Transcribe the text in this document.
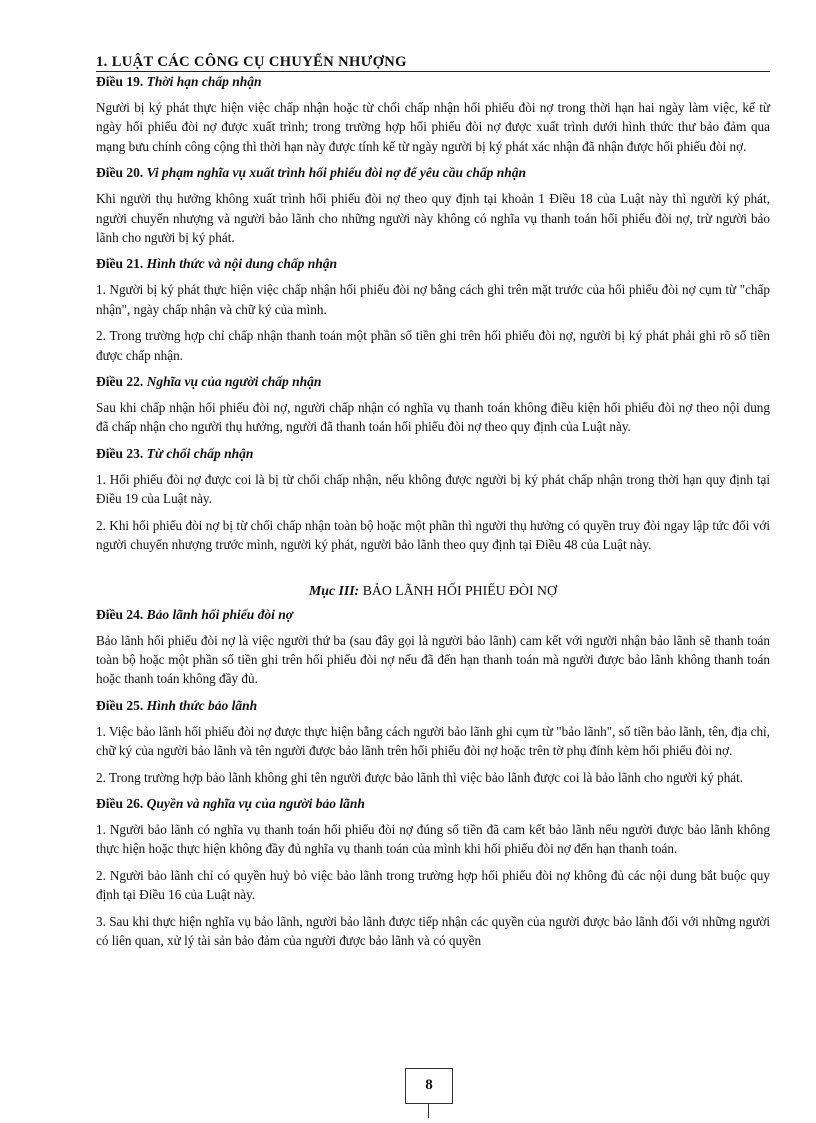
1. LUẬT CÁC CÔNG CỤ CHUYỂN NHƯỢNG
Điều 19. Thời hạn chấp nhận

Người bị ký phát thực hiện việc chấp nhận hoặc từ chối chấp nhận hối phiếu đòi nợ trong thời hạn hai ngày làm việc, kể từ ngày hối phiếu đòi nợ được xuất trình; trong trường hợp hối phiếu đòi nợ được xuất trình dưới hình thức thư bảo đảm qua mạng bưu chính công cộng thì thời hạn này được tính kể từ ngày người bị ký phát xác nhận đã nhận được hối phiếu đòi nợ.

Điều 20. Vi phạm nghĩa vụ xuất trình hối phiếu đòi nợ để yêu cầu chấp nhận

Khi người thụ hưởng không xuất trình hối phiếu đòi nợ theo quy định tại khoản 1 Điều 18 của Luật này thì người ký phát, người chuyển nhượng và người bảo lãnh cho những người này không có nghĩa vụ thanh toán hối phiếu đòi nợ, trừ người bảo lãnh cho người bị ký phát.

Điều 21. Hình thức và nội dung chấp nhận

1. Người bị ký phát thực hiện việc chấp nhận hối phiếu đòi nợ bằng cách ghi trên mặt trước của hối phiếu đòi nợ cụm từ "chấp nhận", ngày chấp nhận và chữ ký của mình.

2. Trong trường hợp chỉ chấp nhận thanh toán một phần số tiền ghi trên hối phiếu đòi nợ, người bị ký phát phải ghi rõ số tiền được chấp nhận.

Điều 22. Nghĩa vụ của người chấp nhận

Sau khi chấp nhận hối phiếu đòi nợ, người chấp nhận có nghĩa vụ thanh toán không điều kiện hối phiếu đòi nợ theo nội dung đã chấp nhận cho người thụ hưởng, người đã thanh toán hối phiếu đòi nợ theo quy định của Luật này.

Điều 23. Từ chối chấp nhận

1. Hối phiếu đòi nợ được coi là bị từ chối chấp nhận, nếu không được người bị ký phát chấp nhận trong thời hạn quy định tại Điều 19 của Luật này.

2. Khi hối phiếu đòi nợ bị từ chối chấp nhận toàn bộ hoặc một phần thì người thụ hưởng có quyền truy đòi ngay lập tức đối với người chuyển nhượng trước mình, người ký phát, người bảo lãnh theo quy định tại Điều 48 của Luật này.

Mục III: BẢO LÃNH HỐI PHIẾU ĐÒI NỢ
Điều 24. Bảo lãnh hối phiếu đòi nợ

Bảo lãnh hối phiếu đòi nợ là việc người thứ ba (sau đây gọi là người bảo lãnh) cam kết với người nhận bảo lãnh sẽ thanh toán toàn bộ hoặc một phần số tiền ghi trên hối phiếu đòi nợ nếu đã đến hạn thanh toán mà người được bảo lãnh không thanh toán hoặc thanh toán không đầy đủ.

Điều 25. Hình thức bảo lãnh

1. Việc bảo lãnh hối phiếu đòi nợ được thực hiện bằng cách người bảo lãnh ghi cụm từ "bảo lãnh", số tiền bảo lãnh, tên, địa chỉ, chữ ký của người bảo lãnh và tên người được bảo lãnh trên hối phiếu đòi nợ hoặc trên tờ phụ đính kèm hối phiếu đòi nợ.

2. Trong trường hợp bảo lãnh không ghi tên người được bảo lãnh thì việc bảo lãnh được coi là bảo lãnh cho người ký phát.

Điều 26. Quyền và nghĩa vụ của người bảo lãnh

1. Người bảo lãnh có nghĩa vụ thanh toán hối phiếu đòi nợ đúng số tiền đã cam kết bảo lãnh nếu người được bảo lãnh không thực hiện hoặc thực hiện không đầy đủ nghĩa vụ thanh toán của mình khi hối phiếu đòi nợ đến hạn thanh toán.

2. Người bảo lãnh chỉ có quyền huỷ bỏ việc bảo lãnh trong trường hợp hối phiếu đòi nợ không đủ các nội dung bắt buộc quy định tại Điều 16 của Luật này.

3. Sau khi thực hiện nghĩa vụ bảo lãnh, người bảo lãnh được tiếp nhận các quyền của người được bảo lãnh đối với những người có liên quan, xử lý tài sản bảo đảm của người được bảo lãnh và có quyền

8
